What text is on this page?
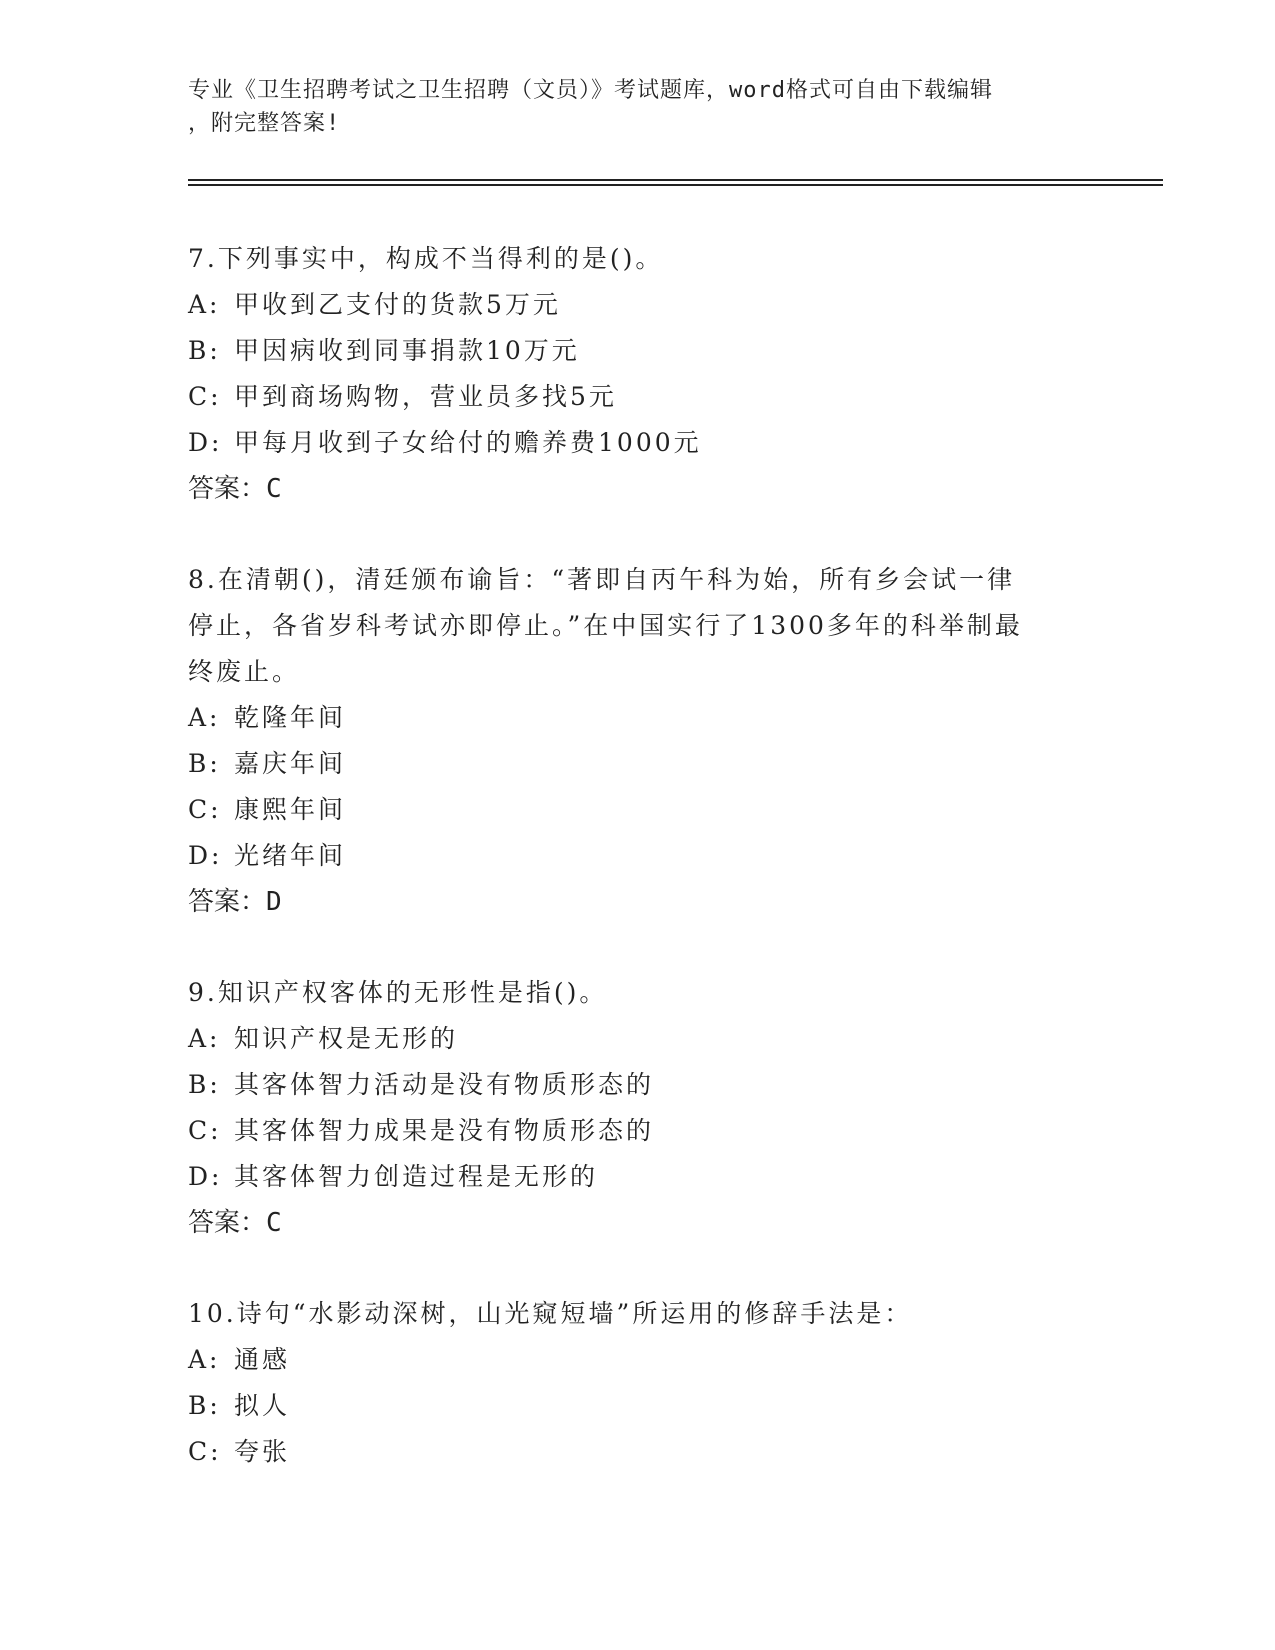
专业《卫生招聘考试之卫生招聘（文员）》考试题库，word格式可自由下载编辑
，附完整答案!
7.下列事实中，构成不当得利的是()。
A: 甲收到乙支付的货款5万元
B: 甲因病收到同事捐款10万元
C: 甲到商场购物，营业员多找5元
D: 甲每月收到子女给付的赡养费1000元
答案：C
8.在清朝()，清廷颁布谕旨：“著即自丙午科为始，所有乡会试一律
停止，各省岁科考试亦即停止。”在中国实行了1300多年的科举制最
终废止。
A: 乾隆年间
B: 嘉庆年间
C: 康熙年间
D: 光绪年间
答案：D
9.知识产权客体的无形性是指()。
A: 知识产权是无形的
B: 其客体智力活动是没有物质形态的
C: 其客体智力成果是没有物质形态的
D: 其客体智力创造过程是无形的
答案：C
10.诗句“水影动深树，山光窥短墙”所运用的修辞手法是：
A: 通感
B: 拟人
C: 夸张
